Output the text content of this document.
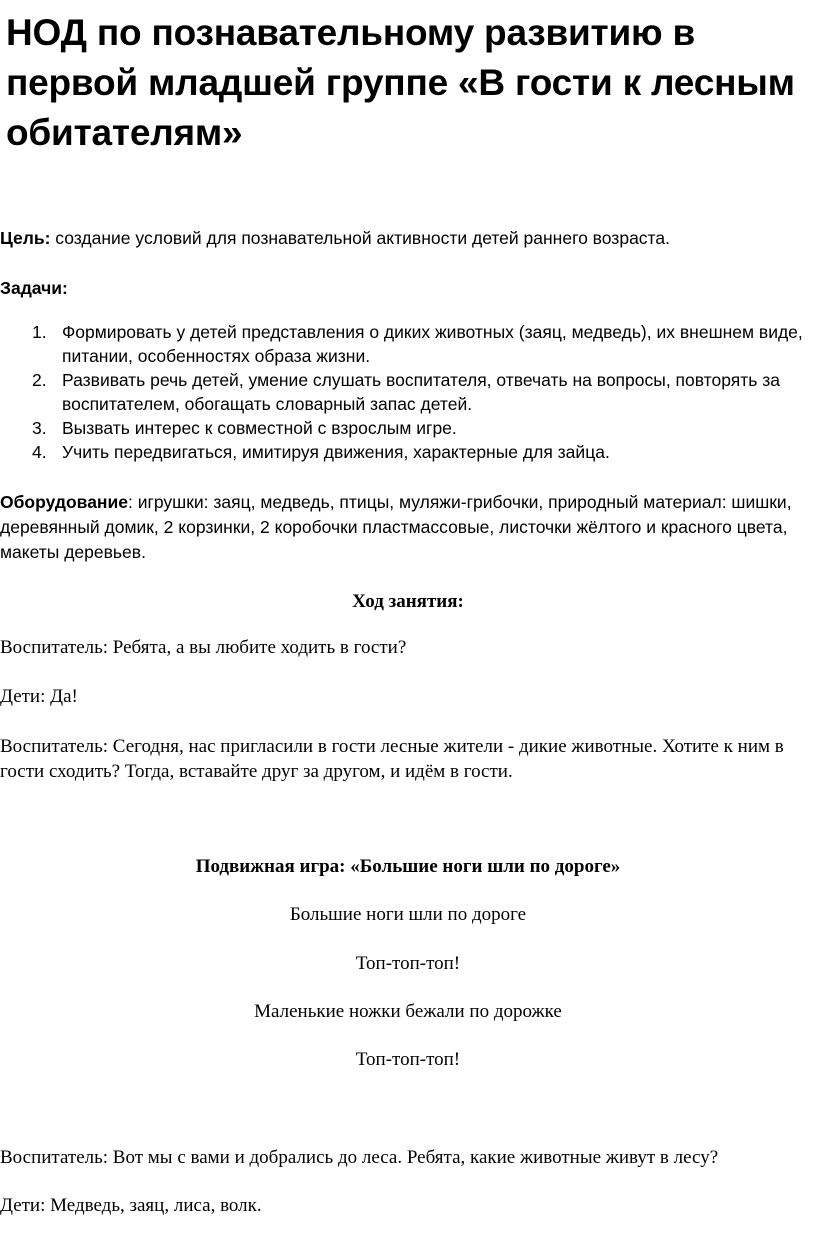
НОД по познавательному развитию в первой младшей группе «В гости к лесным обитателям»
Цель: создание условий для познавательной активности детей раннего возраста.
Задачи:
1. Формировать у детей представления о диких животных (заяц, медведь), их внешнем виде, питании, особенностях образа жизни.
2. Развивать речь детей, умение слушать воспитателя, отвечать на вопросы, повторять за воспитателем, обогащать словарный запас детей.
3. Вызвать интерес к совместной с взрослым игре.
4. Учить передвигаться, имитируя движения, характерные для зайца.
Оборудование: игрушки: заяц, медведь, птицы, муляжи-грибочки, природный материал: шишки, деревянный домик, 2 корзинки, 2 коробочки пластмассовые, листочки жёлтого и красного цвета, макеты деревьев.
Ход занятия:
Воспитатель: Ребята, а вы любите ходить в гости?
Дети: Да!
Воспитатель: Сегодня, нас пригласили в гости лесные жители - дикие животные. Хотите к ним в гости сходить? Тогда, вставайте друг за другом, и идём в гости.
Подвижная игра: «Большие ноги шли по дороге»
Большие ноги шли по дороге
Топ-топ-топ!
Маленькие ножки бежали по дорожке
Топ-топ-топ!
Воспитатель: Вот мы с вами и добрались до леса. Ребята, какие животные живут в лесу?
Дети: Медведь, заяц, лиса, волк.
